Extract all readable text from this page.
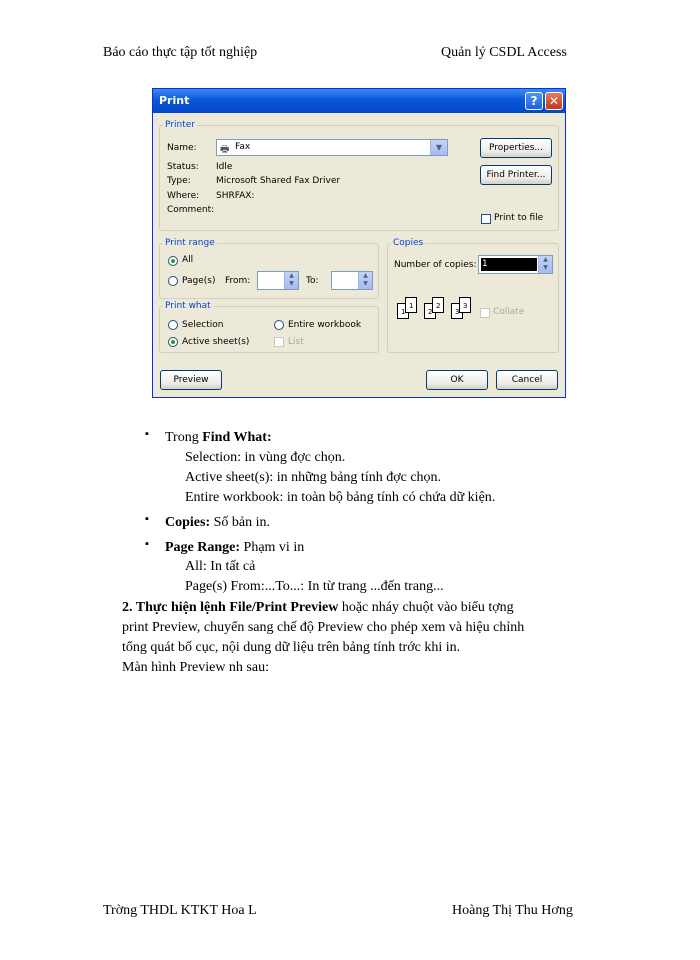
Báo cáo thực tập tốt nghiệp	Quản lý CSDL Access
Print	? ✕
Printer
Name: 🖶 Fax	▼
Status: Idle
Type:	Microsoft Shared Fax Driver
Where: SHRFAX:
Comment:
Properties...
Find Printer...
Print to file
Print range
All
Page(s) From:
▲
▼	To:
▲
▼
Print what
Selection	Entire workbook
Active sheet(s)	List
Copies
Number of copies: 1	▲
▼
1
1
2
2
3
3
Collate
Preview	OK	Cancel
▪ Trong Find What:
Selection: in vùng đợc chọn.
Active sheet(s): in những bảng tính đợc chọn.
Entire workbook: in toàn bộ bảng tính có chứa dữ kiện.
▪ Copies: Số bản in.
▪ Page Range: Phạm vi in
All: In tất cả
Page(s) From:...To...: In từ trang ...đến trang...
2. Thực hiện lệnh File/Print Preview hoặc nháy chuột vào biểu tợng
print Preview, chuyển sang chế độ Preview cho phép xem và hiệu chỉnh
tổng quát bố cục, nội dung dữ liệu trên bảng tính trớc khi in.
Màn hình Preview nh sau:
Trờng THDL KTKT Hoa L	Hoàng Thị Thu Hơng
